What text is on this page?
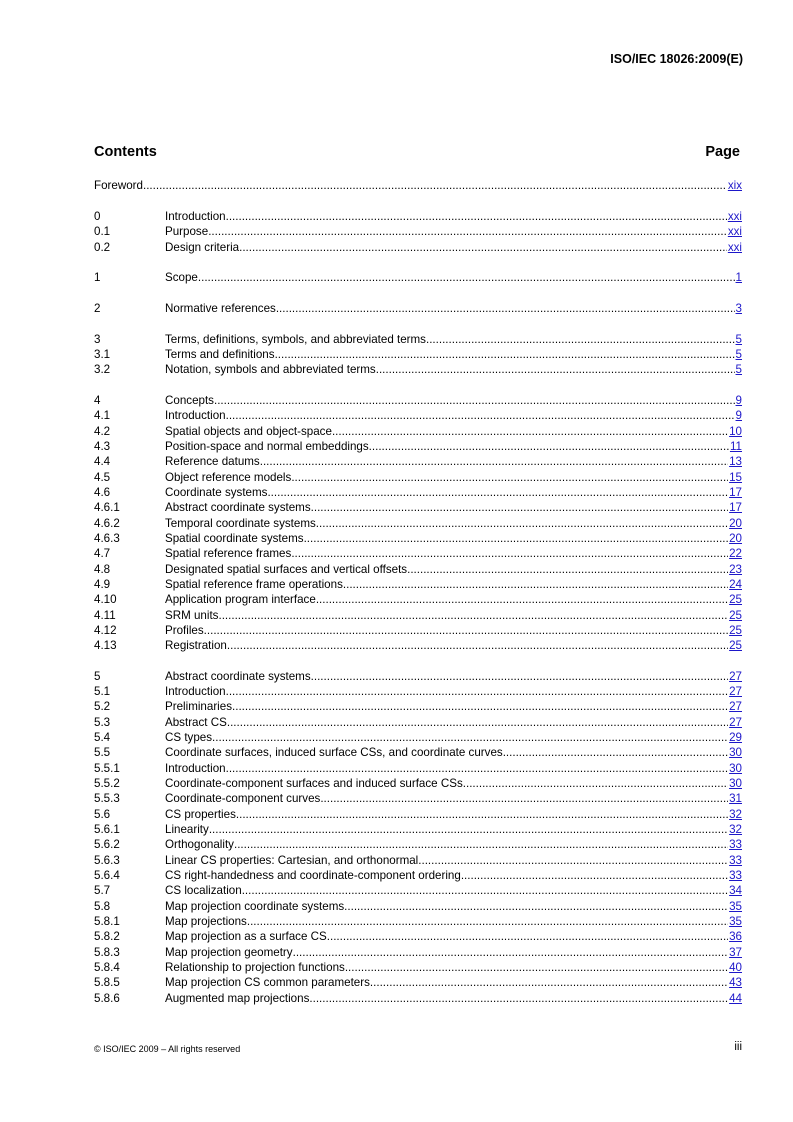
ISO/IEC 18026:2009(E)
Contents	Page
Foreword .....	xix
0	Introduction .....	xxi
0.1	Purpose .....	xxi
0.2	Design criteria .....	xxi
1	Scope .....	1
2	Normative references .....	3
3	Terms, definitions, symbols, and abbreviated terms .....	5
3.1	Terms and definitions .....	5
3.2	Notation, symbols and abbreviated terms .....	5
4	Concepts .....	9
4.1	Introduction .....	9
4.2	Spatial objects and object-space .....	10
4.3	Position-space and normal embeddings .....	11
4.4	Reference datums .....	13
4.5	Object reference models .....	15
4.6	Coordinate systems .....	17
4.6.1	Abstract coordinate systems .....	17
4.6.2	Temporal coordinate systems .....	20
4.6.3	Spatial coordinate systems .....	20
4.7	Spatial reference frames .....	22
4.8	Designated spatial surfaces and vertical offsets .....	23
4.9	Spatial reference frame operations .....	24
4.10	Application program interface .....	25
4.11	SRM units .....	25
4.12	Profiles .....	25
4.13	Registration .....	25
5	Abstract coordinate systems .....	27
5.1	Introduction .....	27
5.2	Preliminaries .....	27
5.3	Abstract CS .....	27
5.4	CS types .....	29
5.5	Coordinate surfaces, induced surface CSs, and coordinate curves .....	30
5.5.1	Introduction .....	30
5.5.2	Coordinate-component surfaces and induced surface CSs .....	30
5.5.3	Coordinate-component curves .....	31
5.6	CS properties .....	32
5.6.1	Linearity .....	32
5.6.2	Orthogonality .....	33
5.6.3	Linear CS properties: Cartesian, and orthonormal .....	33
5.6.4	CS right-handedness and coordinate-component ordering .....	33
5.7	CS localization .....	34
5.8	Map projection coordinate systems .....	35
5.8.1	Map projections .....	35
5.8.2	Map projection as a surface CS .....	36
5.8.3	Map projection geometry .....	37
5.8.4	Relationship to projection functions .....	40
5.8.5	Map projection CS common parameters .....	43
5.8.6	Augmented map projections .....	44
© ISO/IEC 2009 – All rights reserved	iii
